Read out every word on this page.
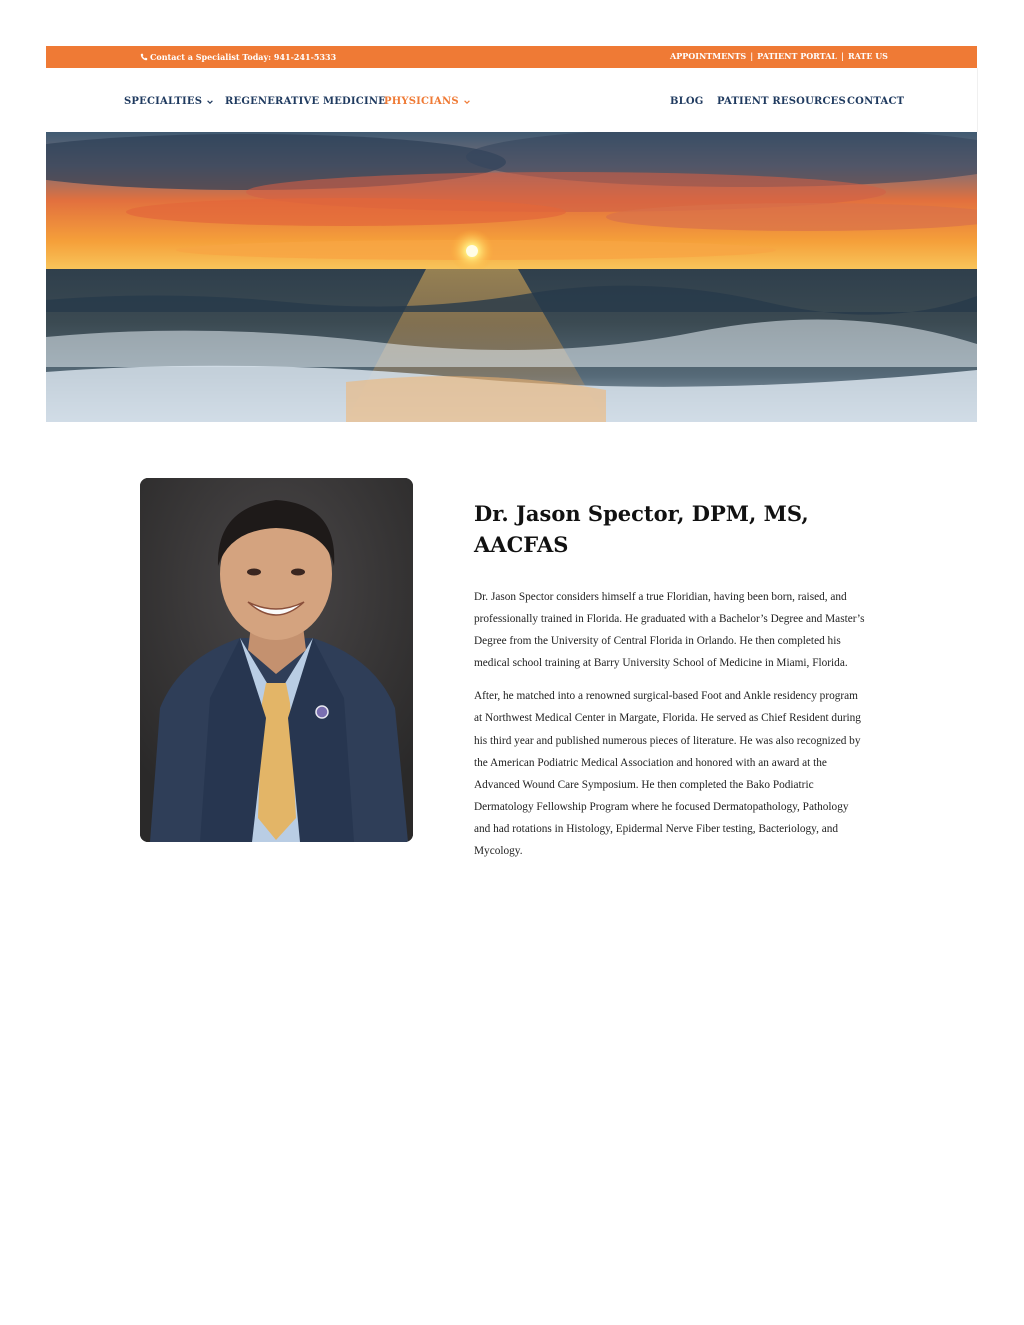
Contact a Specialist Today: 941-241-5333	APPOINTMENTS | PATIENT PORTAL | RATE US
SPECIALTIES REGENERATIVE MEDICINE
PHYSICIANS	BLOG PATIENT RESOURCES CONTACT
Dr. Jason Spector, DPM, MS, AACFAS

Dr. Jason Spector considers himself a true Floridian, having been born, raised, and professionally trained in Florida. He graduated with a Bachelor’s Degree and Master’s Degree from the University of Central Florida in Orlando. He then completed his medical school training at Barry University School of Medicine in Miami, Florida.

After, he matched into a renowned surgical-based Foot and Ankle residency program at Northwest Medical Center in Margate, Florida. He served as Chief Resident during his third year and published numerous pieces of literature. He was also recognized by the American Podiatric Medical Association and honored with an award at the Advanced Wound Care Symposium. He then completed the Bako Podiatric Dermatology Fellowship Program where he focused Dermatopathology, Pathology and had rotations in Histology, Epidermal Nerve Fiber testing, Bacteriology, and Mycology.
